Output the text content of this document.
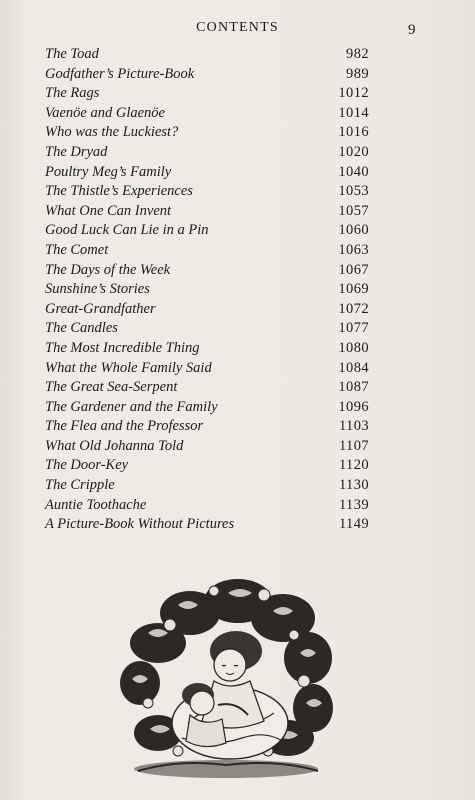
CONTENTS	9
The Toad	982
Godfather’s Picture-Book	989
The Rags	1012
Vaenöe and Glaenöe	1014
Who was the Luckiest?	1016
The Dryad	1020
Poultry Meg’s Family	1040
The Thistle’s Experiences	1053
What One Can Invent	1057
Good Luck Can Lie in a Pin	1060
The Comet	1063
The Days of the Week	1067
Sunshine’s Stories	1069
Great-Grandfather	1072
The Candles	1077
The Most Incredible Thing	1080
What the Whole Family Said	1084
The Great Sea-Serpent	1087
The Gardener and the Family	1096
The Flea and the Professor	1103
What Old Johanna Told	1107
The Door-Key	1120
The Cripple	1130
Auntie Toothache	1139
A Picture-Book Without Pictures	1149
